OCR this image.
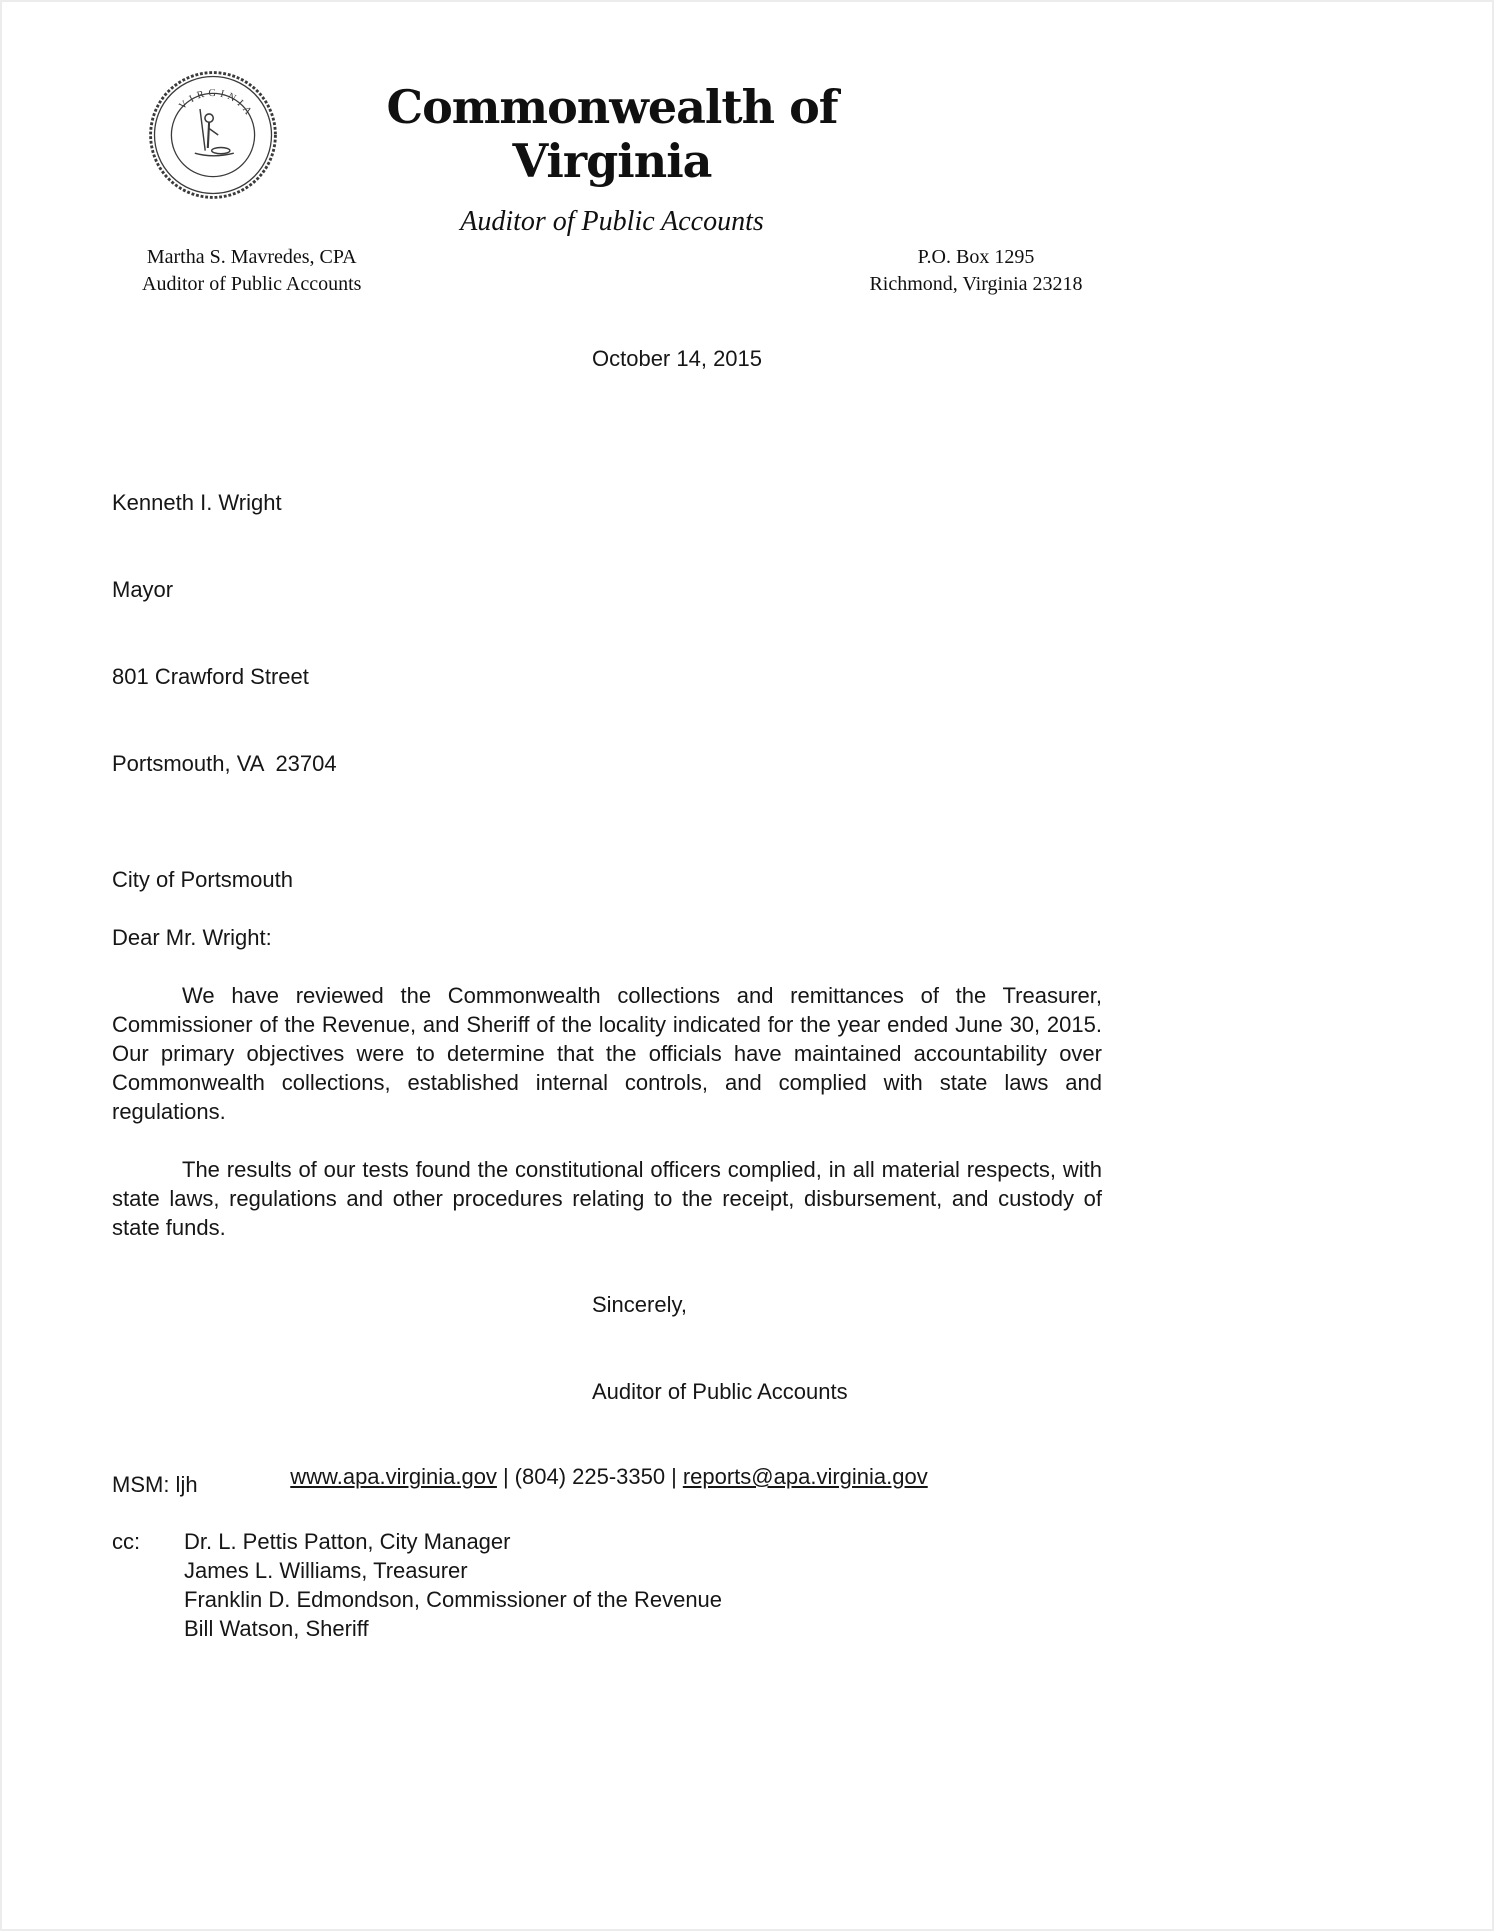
VIRGINIA	Commonwealth of Virginia
Auditor of Public Accounts
Martha S. Mavredes, CPA
Auditor of Public Accounts
P.O. Box 1295
Richmond, Virginia 23218
October 14, 2015

Kenneth I. Wright

Mayor

801 Crawford Street

Portsmouth, VA  23704

City of Portsmouth
Dear Mr. Wright:

We have reviewed the Commonwealth collections and remittances of the Treasurer, Commissioner of the Revenue, and Sheriff of the locality indicated for the year ended June 30, 2015. Our primary objectives were to determine that the officials have maintained accountability over Commonwealth collections, established internal controls, and complied with state laws and regulations.

The results of our tests found the constitutional officers complied, in all material respects, with state laws, regulations and other procedures relating to the receipt, disbursement, and custody of state funds.

Sincerely,
Auditor of Public Accounts
MSM: ljh
cc:	Dr. L. Pettis Patton, City Manager
James L. Williams, Treasurer
Franklin D. Edmondson, Commissioner of the Revenue
Bill Watson, Sheriff
www.apa.virginia.gov | (804) 225-3350 | reports@apa.virginia.gov
